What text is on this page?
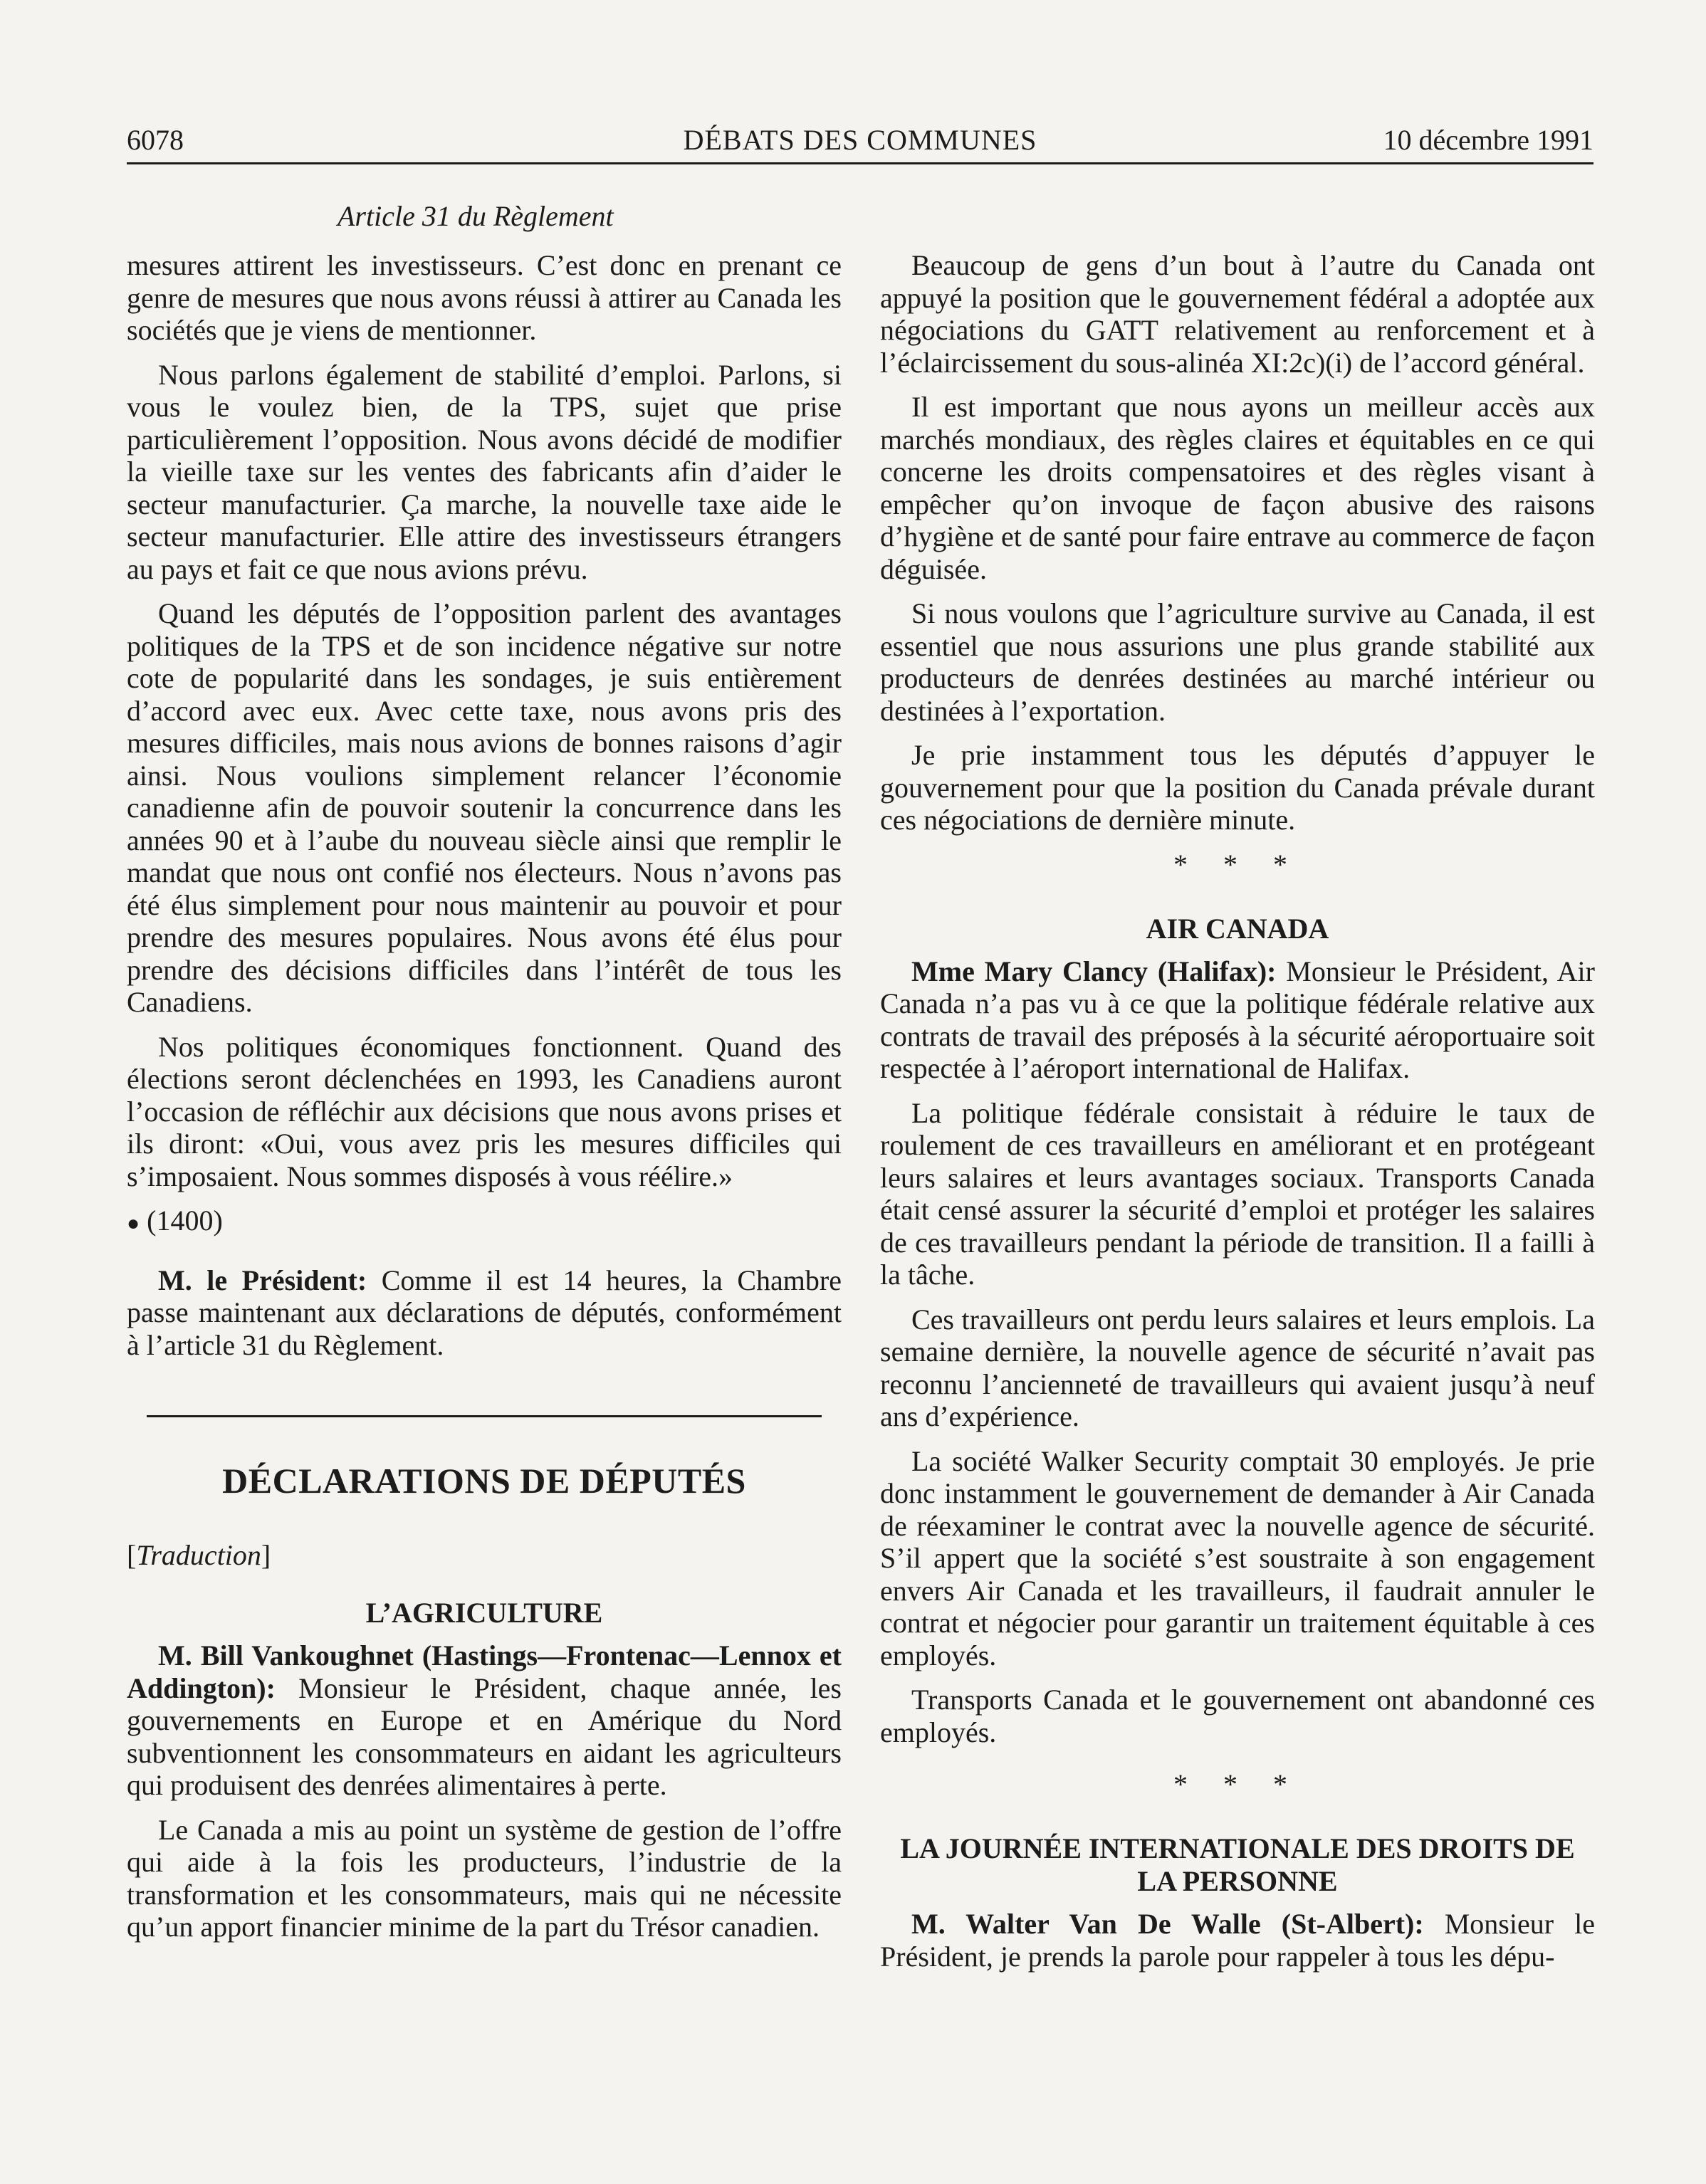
6078	DÉBATS DES COMMUNES	10 décembre 1991
Article 31 du Règlement

mesures attirent les investisseurs. C’est donc en prenant ce genre de mesures que nous avons réussi à attirer au Canada les sociétés que je viens de mentionner.

Nous parlons également de stabilité d’emploi. Parlons, si vous le voulez bien, de la TPS, sujet que prise particulièrement l’opposition. Nous avons décidé de modifier la vieille taxe sur les ventes des fabricants afin d’aider le secteur manufacturier. Ça marche, la nouvelle taxe aide le secteur manufacturier. Elle attire des investisseurs étrangers au pays et fait ce que nous avions prévu.

Quand les députés de l’opposition parlent des avantages politiques de la TPS et de son incidence négative sur notre cote de popularité dans les sondages, je suis entièrement d’accord avec eux. Avec cette taxe, nous avons pris des mesures difficiles, mais nous avions de bonnes raisons d’agir ainsi. Nous voulions simplement relancer l’économie canadienne afin de pouvoir soutenir la concurrence dans les années 90 et à l’aube du nouveau siècle ainsi que remplir le mandat que nous ont confié nos électeurs. Nous n’avons pas été élus simplement pour nous maintenir au pouvoir et pour prendre des mesures populaires. Nous avons été élus pour prendre des décisions difficiles dans l’intérêt de tous les Canadiens.

Nos politiques économiques fonctionnent. Quand des élections seront déclenchées en 1993, les Canadiens auront l’occasion de réfléchir aux décisions que nous avons prises et ils diront: «Oui, vous avez pris les mesures difficiles qui s’imposaient. Nous sommes disposés à vous réélire.»

● (1400)

M. le Président: Comme il est 14 heures, la Chambre passe maintenant aux déclarations de députés, conformément à l’article 31 du Règlement.

DÉCLARATIONS DE DÉPUTÉS
[Traduction]
L’AGRICULTURE

M. Bill Vankoughnet (Hastings—Frontenac—Lennox et Addington): Monsieur le Président, chaque année, les gouvernements en Europe et en Amérique du Nord subventionnent les consommateurs en aidant les agriculteurs qui produisent des denrées alimentaires à perte.

Le Canada a mis au point un système de gestion de l’offre qui aide à la fois les producteurs, l’industrie de la transformation et les consommateurs, mais qui ne nécessite qu’un apport financier minime de la part du Trésor canadien.

Beaucoup de gens d’un bout à l’autre du Canada ont appuyé la position que le gouvernement fédéral a adoptée aux négociations du GATT relativement au renforcement et à l’éclaircissement du sous-alinéa XI:2c)(i) de l’accord général.

Il est important que nous ayons un meilleur accès aux marchés mondiaux, des règles claires et équitables en ce qui concerne les droits compensatoires et des règles visant à empêcher qu’on invoque de façon abusive des raisons d’hygiène et de santé pour faire entrave au commerce de façon déguisée.

Si nous voulons que l’agriculture survive au Canada, il est essentiel que nous assurions une plus grande stabilité aux producteurs de denrées destinées au marché intérieur ou destinées à l’exportation.

Je prie instamment tous les députés d’appuyer le gouvernement pour que la position du Canada prévale durant ces négociations de dernière minute.

* * *
AIR CANADA

Mme Mary Clancy (Halifax): Monsieur le Président, Air Canada n’a pas vu à ce que la politique fédérale relative aux contrats de travail des préposés à la sécurité aéroportuaire soit respectée à l’aéroport international de Halifax.

La politique fédérale consistait à réduire le taux de roulement de ces travailleurs en améliorant et en protégeant leurs salaires et leurs avantages sociaux. Transports Canada était censé assurer la sécurité d’emploi et protéger les salaires de ces travailleurs pendant la période de transition. Il a failli à la tâche.

Ces travailleurs ont perdu leurs salaires et leurs emplois. La semaine dernière, la nouvelle agence de sécurité n’avait pas reconnu l’ancienneté de travailleurs qui avaient jusqu’à neuf ans d’expérience.

La société Walker Security comptait 30 employés. Je prie donc instamment le gouvernement de demander à Air Canada de réexaminer le contrat avec la nouvelle agence de sécurité. S’il appert que la société s’est soustraite à son engagement envers Air Canada et les travailleurs, il faudrait annuler le contrat et négocier pour garantir un traitement équitable à ces employés.

Transports Canada et le gouvernement ont abandonné ces employés.

* * *
LA JOURNÉE INTERNATIONALE DES DROITS DE LA PERSONNE

M. Walter Van De Walle (St-Albert): Monsieur le Président, je prends la parole pour rappeler à tous les dépu-
